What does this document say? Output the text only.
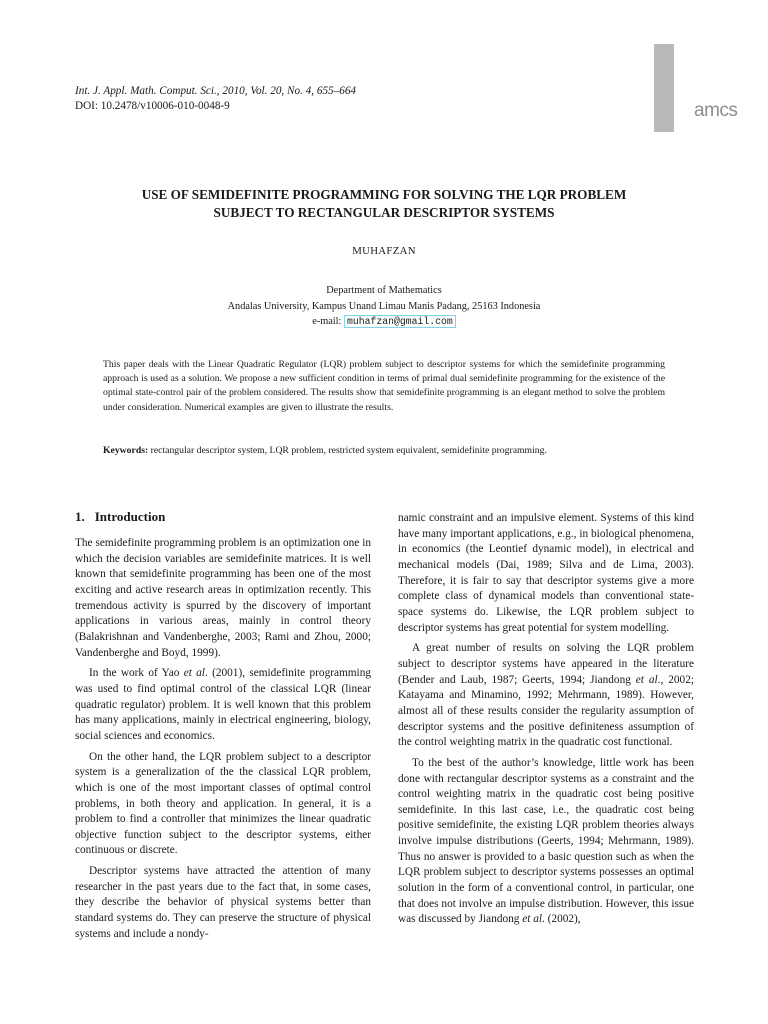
Int. J. Appl. Math. Comput. Sci., 2010, Vol. 20, No. 4, 655–664
DOI: 10.2478/v10006-010-0048-9	amcs
USE OF SEMIDEFINITE PROGRAMMING FOR SOLVING THE LQR PROBLEM
SUBJECT TO RECTANGULAR DESCRIPTOR SYSTEMS
MUHAFZAN
Department of Mathematics
Andalas University, Kampus Unand Limau Manis Padang, 25163 Indonesia
e-mail: muhafzan@gmail.com
This paper deals with the Linear Quadratic Regulator (LQR) problem subject to descriptor systems for which the semidefinite programming approach is used as a solution. We propose a new sufficient condition in terms of primal dual semidefinite programming for the existence of the optimal state-control pair of the problem considered. The results show that semidefinite programming is an elegant method to solve the problem under consideration. Numerical examples are given to illustrate the results.
Keywords: rectangular descriptor system, LQR problem, restricted system equivalent, semidefinite programming.
1. Introduction

The semidefinite programming problem is an optimization one in which the decision variables are semidefinite matrices. It is well known that semidefinite programming has been one of the most exciting and active research areas in optimization recently. This tremendous activity is spurred by the discovery of important applications in various areas, mainly in control theory (Balakrishnan and Vandenberghe, 2003; Rami and Zhou, 2000; Vandenberghe and Boyd, 1999).

In the work of Yao et al. (2001), semidefinite programming was used to find optimal control of the classical LQR (linear quadratic regulator) problem. It is well known that this problem has many applications, mainly in electrical engineering, biology, social sciences and economics.

On the other hand, the LQR problem subject to a descriptor system is a generalization of the the classical LQR problem, which is one of the most important classes of optimal control problems, in both theory and application. In general, it is a problem to find a controller that minimizes the linear quadratic objective function subject to the descriptor systems, either continuous or discrete.

Descriptor systems have attracted the attention of many researcher in the past years due to the fact that, in some cases, they describe the behavior of physical systems better than standard systems do. They can preserve the structure of physical systems and include a nondy-

namic constraint and an impulsive element. Systems of this kind have many important applications, e.g., in biological phenomena, in economics (the Leontief dynamic model), in electrical and mechanical models (Dai, 1989; Silva and de Lima, 2003). Therefore, it is fair to say that descriptor systems give a more complete class of dynamical models than conventional state-space systems do. Likewise, the LQR problem subject to descriptor systems has great potential for system modelling.

A great number of results on solving the LQR problem subject to descriptor systems have appeared in the literature (Bender and Laub, 1987; Geerts, 1994; Jiandong et al., 2002; Katayama and Minamino, 1992; Mehrmann, 1989). However, almost all of these results consider the regularity assumption of descriptor systems and the positive definiteness assumption of the control weighting matrix in the quadratic cost functional.

To the best of the author’s knowledge, little work has been done with rectangular descriptor systems as a constraint and the control weighting matrix in the quadratic cost being positive semidefinite. In this last case, i.e., the quadratic cost being positive semidefinite, the existing LQR problem theories always involve impulse distributions (Geerts, 1994; Mehrmann, 1989). Thus no answer is provided to a basic question such as when the LQR problem subject to descriptor systems possesses an optimal solution in the form of a conventional control, in particular, one that does not involve an impulse distribution. However, this issue was discussed by Jiandong et al. (2002),
